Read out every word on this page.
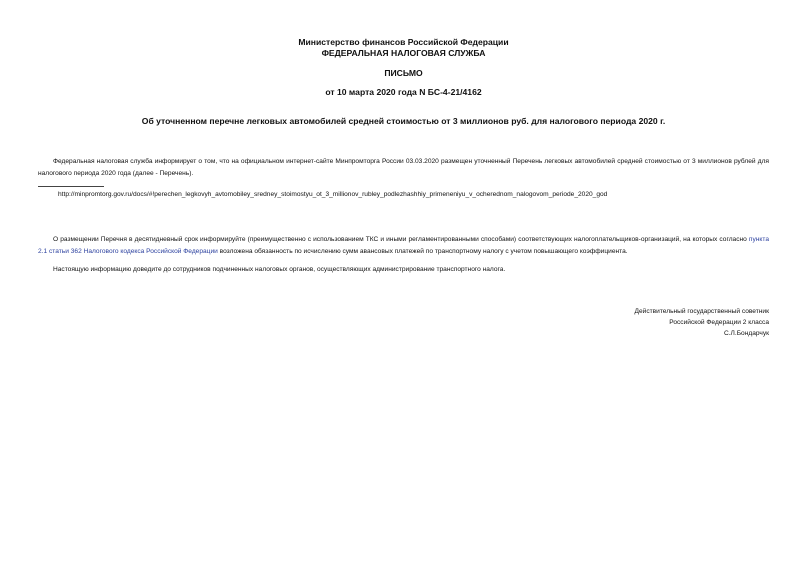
Министерство финансов Российской Федерации
ФЕДЕРАЛЬНАЯ НАЛОГОВАЯ СЛУЖБА
ПИСЬМО
от 10 марта 2020 года N БС-4-21/4162
Об уточненном перечне легковых автомобилей средней стоимостью от 3 миллионов руб. для налогового периода 2020 г.
Федеральная налоговая служба информирует о том, что на официальном интернет-сайте Минпромторга России 03.03.2020 размещен уточненный Перечень легковых автомобилей средней стоимостью от 3 миллионов рублей для налогового периода 2020 года (далее - Перечень).
http://minpromtorg.gov.ru/docs/#!perechen_legkovyh_avtomobiley_sredney_stoimostyu_ot_3_millionov_rubley_podlezhashhiy_primeneniyu_v_ocherednom_nalogovom_periode_2020_god
О размещении Перечня в десятидневный срок информируйте (преимущественно с использованием ТКС и иными регламентированными способами) соответствующих налогоплательщиков-организаций, на которых согласно пункта 2.1 статьи 362 Налогового кодекса Российской Федерации возложена обязанность по исчислению сумм авансовых платежей по транспортному налогу с учетом повышающего коэффициента.
Настоящую информацию доведите до сотрудников подчиненных налоговых органов, осуществляющих администрирование транспортного налога.
Действительный государственный советник
Российской Федерации 2 класса
С.Л.Бондарчук
